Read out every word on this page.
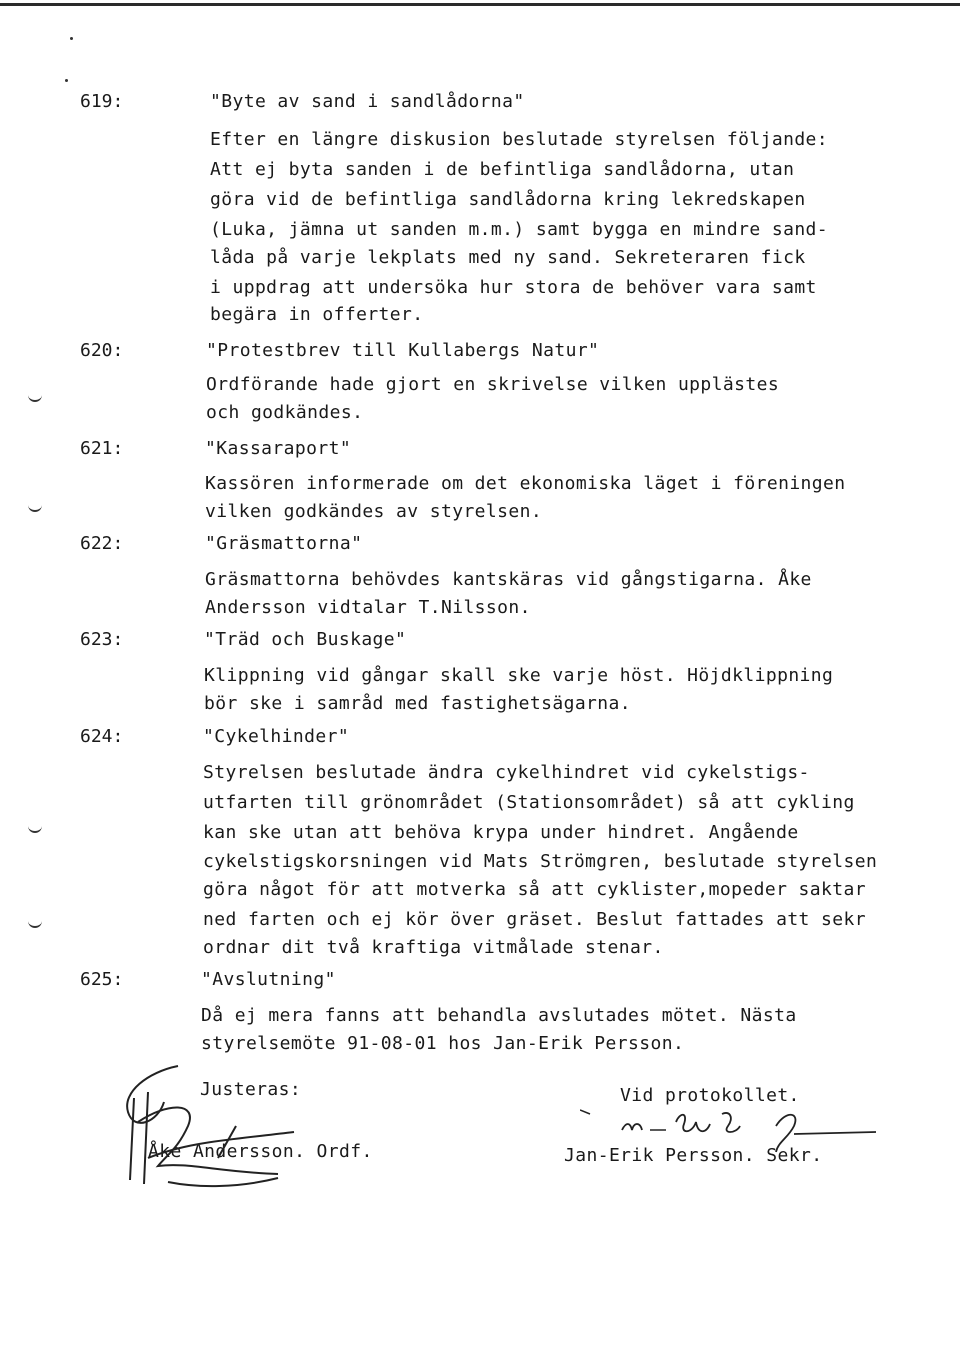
619:	"Byte av sand i sandlådorna"
Efter en längre diskusion beslutade styrelsen följande:
Att ej byta sanden i de befintliga sandlådorna, utan
göra vid de befintliga sandlådorna kring lekredskapen
(Luka, jämna ut sanden m.m.) samt bygga en mindre sand-
låda på varje lekplats med ny sand. Sekreteraren fick
i uppdrag att undersöka hur stora de behöver vara samt
begära in offerter.
620:	"Protestbrev till Kullabergs Natur"
Ordförande hade gjort en skrivelse vilken upplästes
och godkändes.
621:	"Kassaraport"
Kassören informerade om det ekonomiska läget i föreningen
vilken godkändes av styrelsen.
622:	"Gräsmattorna"
Gräsmattorna behövdes kantskäras vid gångstigarna. Åke
Andersson vidtalar T.Nilsson.
623:	"Träd och Buskage"
Klippning vid gångar skall ske varje höst. Höjdklippning
bör ske i samråd med fastighetsägarna.
624:	"Cykelhinder"
Styrelsen beslutade ändra cykelhindret vid cykelstigs-
utfarten till grönområdet (Stationsområdet) så att cykling
kan ske utan att behöva krypa under hindret. Angående
cykelstigskorsningen vid Mats Strömgren, beslutade styrelsen
göra något för att motverka så att cyklister,mopeder saktar
ned farten och ej kör över gräset. Beslut fattades att sekr
ordnar dit två kraftiga vitmålade stenar.
625:	"Avslutning"
Då ej mera fanns att behandla avslutades mötet. Nästa
styrelsemöte 91-08-01 hos Jan-Erik Persson.
Justeras:
Åke Andersson. Ordf.
Vid protokollet.
Jan-Erik Persson. Sekr.
